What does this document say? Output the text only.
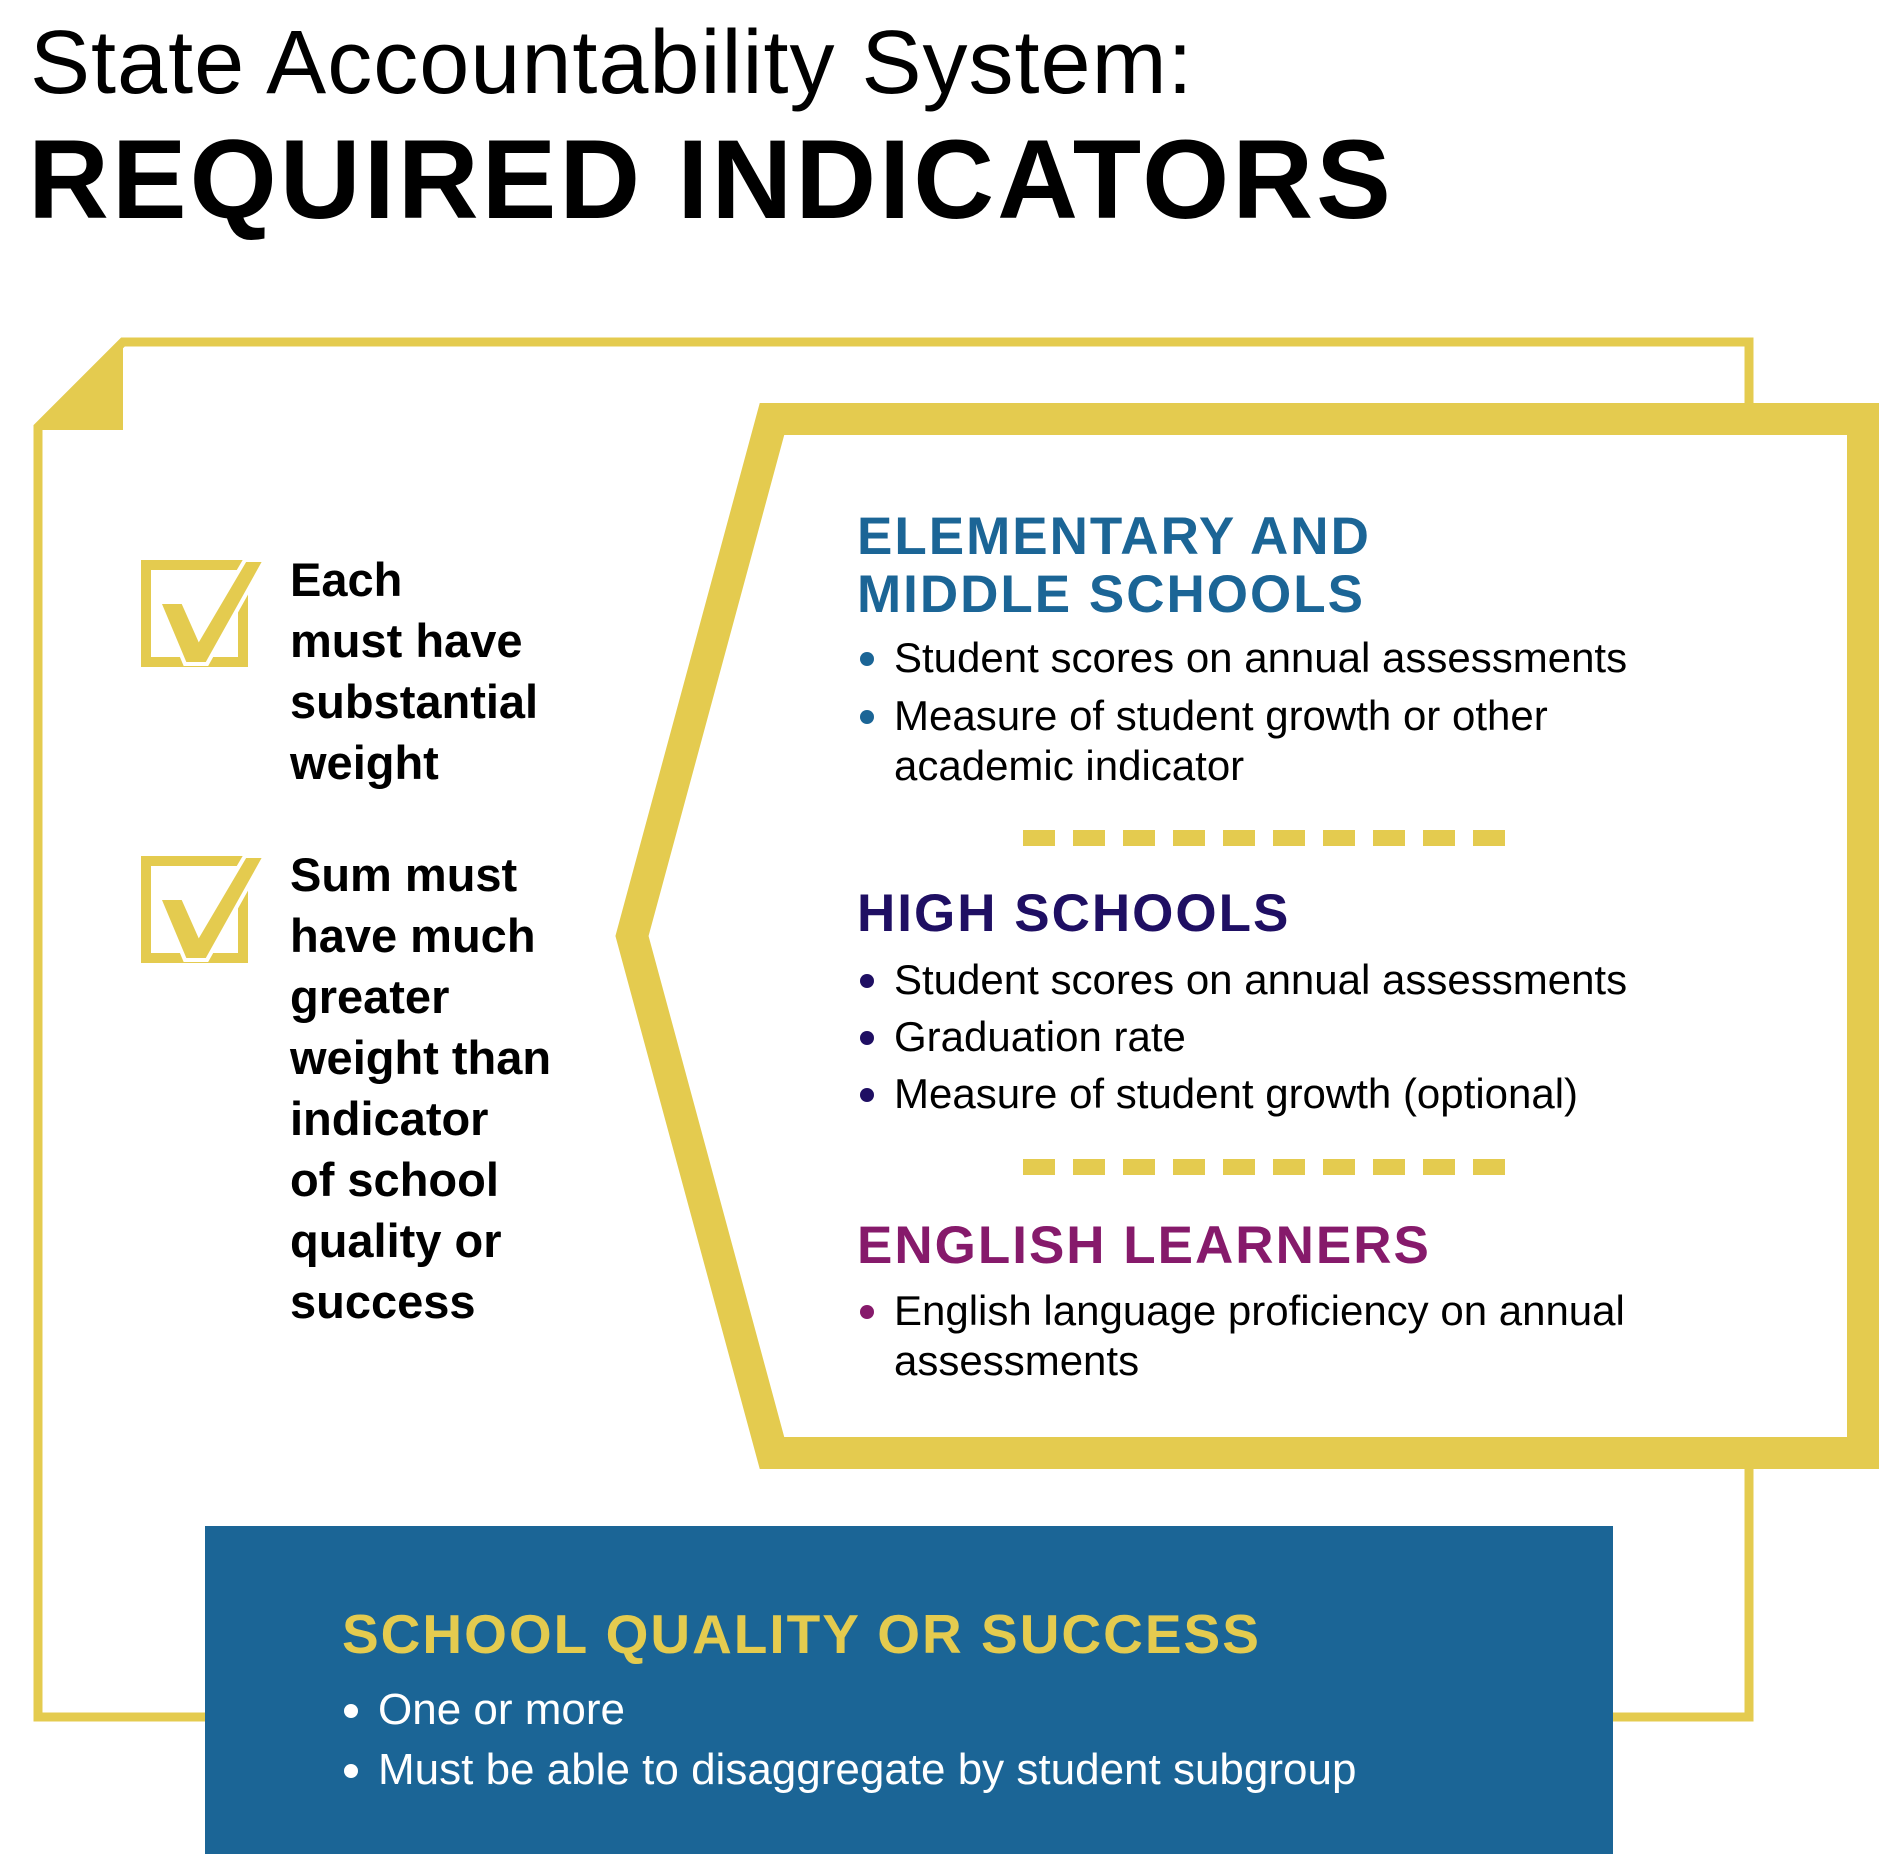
State Accountability System:
REQUIRED INDICATORS
Each
must have
substantial
weight
Sum must
have much
greater
weight than
indicator
of school
quality or
success
ELEMENTARY AND
MIDDLE SCHOOLS
Student scores on annual assessments
Measure of student growth or other
academic indicator
HIGH SCHOOLS
Student scores on annual assessments
Graduation rate
Measure of student growth (optional)
ENGLISH LEARNERS
English language proficiency on annual
assessments
SCHOOL QUALITY OR SUCCESS
One or more
Must be able to disaggregate by student subgroup
